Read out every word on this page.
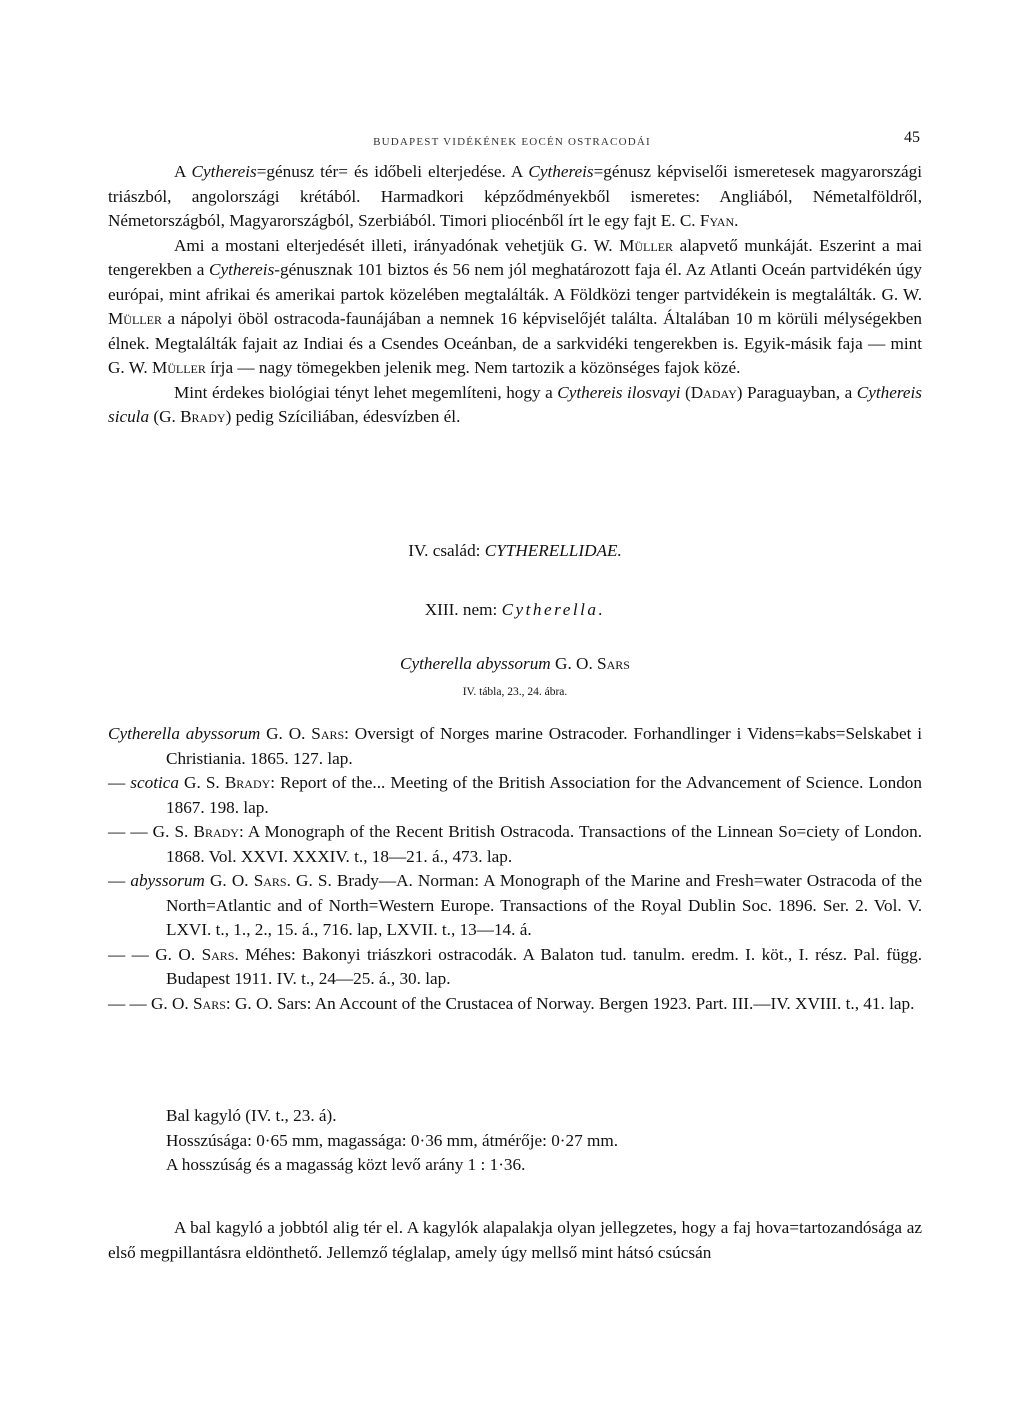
BUDAPEST VIDÉKÉNEK EOCÉN OSTRACODÁI	45

A Cythereis=génusz tér= és időbeli elterjedése. A Cythereis=génusz képviselői ismeretesek magyarországi triászból, angolországi krétából. Harmadkori képződményekből ismeretes: Angliából, Németalföldről, Németországból, Magyarországból, Szerbiából. Timori pliocénből írt le egy fajt E. C. Fyan.

Ami a mostani elterjedését illeti, irányadónak vehetjük G. W. Müller alapvető munkáját. Eszerint a mai tengerekben a Cythereis-génusznak 101 biztos és 56 nem jól meghatározott faja él. Az Atlanti Oceán partvidékén úgy európai, mint afrikai és amerikai partok közelében megtalálták. A Földközi tenger partvidékein is megtalálták. G. W. Müller a nápolyi öböl ostracoda-faunájában a nemnek 16 képviselőjét találta. Általában 10 m körüli mélységekben élnek. Megtalálták fajait az Indiai és a Csendes Oceánban, de a sarkvidéki tengerekben is. Egyik-másik faja — mint G. W. Müller írja — nagy tömegekben jelenik meg. Nem tartozik a közönséges fajok közé.

Mint érdekes biológiai tényt lehet megemlíteni, hogy a Cythereis ilosvayi (Daday) Paraguayban, a Cythereis sicula (G. Brady) pedig Szíciliában, édesvízben él.

IV. család: CYTHERELLIDAE.
XIII. nem: Cytherella.
Cytherella abyssorum G. O. Sars
IV. tábla, 23., 24. ábra.

Cytherella abyssorum G. O. Sars: Oversigt of Norges marine Ostracoder. Forhandlinger i Videns=kabs=Selskabet i Christiania. 1865. 127. lap.

— scotica G. S. Brady: Report of the... Meeting of the British Association for the Advancement of Science. London 1867. 198. lap.

— — G. S. Brady: A Monograph of the Recent British Ostracoda. Transactions of the Linnean So=ciety of London. 1868. Vol. XXVI. XXXIV. t., 18—21. á., 473. lap.

— abyssorum G. O. Sars. G. S. Brady—A. Norman: A Monograph of the Marine and Fresh=water Ostracoda of the North=Atlantic and of North=Western Europe. Transactions of the Royal Dublin Soc. 1896. Ser. 2. Vol. V. LXVI. t., 1., 2., 15. á., 716. lap, LXVII. t., 13—14. á.

— — G. O. Sars. Méhes: Bakonyi triászkori ostracodák. A Balaton tud. tanulm. eredm. I. köt., I. rész. Pal. függ. Budapest 1911. IV. t., 24—25. á., 30. lap.

— — G. O. Sars: G. O. Sars: An Account of the Crustacea of Norway. Bergen 1923. Part. III.—IV. XVIII. t., 41. lap.

Bal kagyló (IV. t., 23. á).

Hosszúsága: 0·65 mm, magassága: 0·36 mm, átmérője: 0·27 mm.

A hosszúság és a magasság közt levő arány 1 : 1·36.

A bal kagyló a jobbtól alig tér el. A kagylók alapalakja olyan jellegzetes, hogy a faj hova=tartozandósága az első megpillantásra eldönthető. Jellemző téglalap, amely úgy mellső mint hátsó csúcsán
